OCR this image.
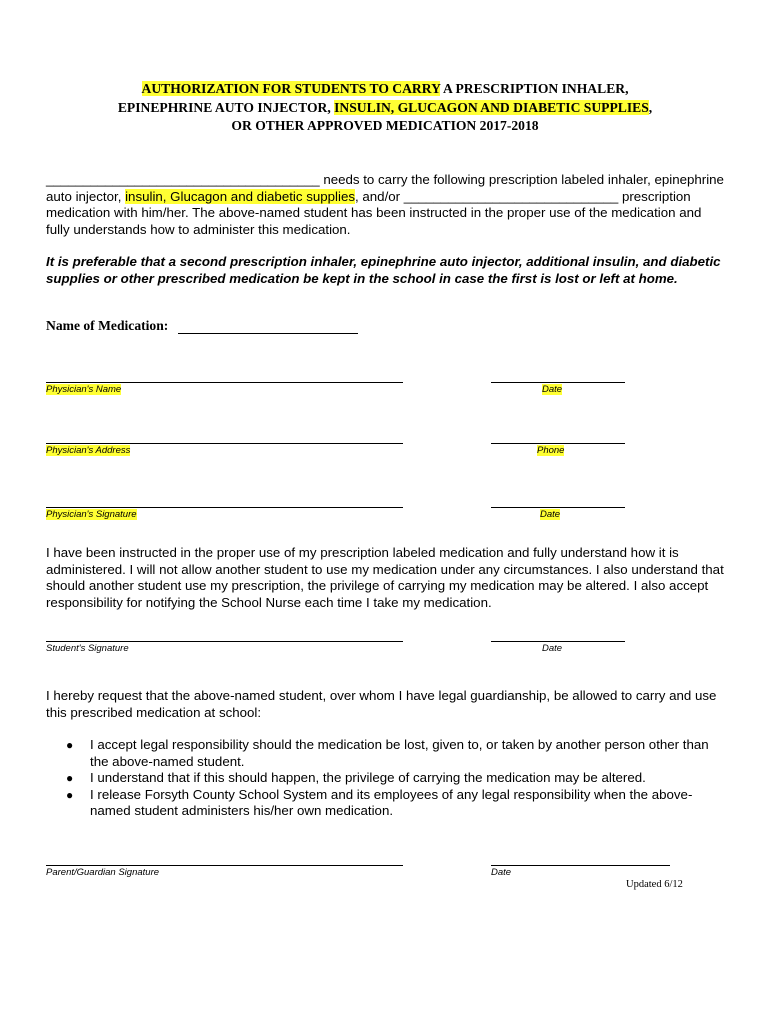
AUTHORIZATION FOR STUDENTS TO CARRY A PRESCRIPTION INHALER,
EPINEPHRINE AUTO INJECTOR, INSULIN, GLUCAGON AND DIABETIC SUPPLIES,
OR OTHER APPROVED MEDICATION 2017-2018
_____________________________________ needs to carry the following prescription labeled inhaler, epinephrine auto injector, insulin, Glucagon and diabetic supplies, and/or _____________________________ prescription medication with him/her. The above-named student has been instructed in the proper use of the medication and fully understands how to administer this medication.
It is preferable that a second prescription inhaler, epinephrine auto injector, additional insulin, and diabetic supplies or other prescribed medication be kept in the school in case the first is lost or left at home.
Name of Medication:
Physician's Name	Date
Physician's Address	Phone
Physician's Signature	Date
I have been instructed in the proper use of my prescription labeled medication and fully understand how it is administered. I will not allow another student to use my medication under any circumstances. I also understand that should another student use my prescription, the privilege of carrying my medication may be altered. I also accept responsibility for notifying the School Nurse each time I take my medication.
Student's Signature	Date
I hereby request that the above-named student, over whom I have legal guardianship, be allowed to carry and use this prescribed medication at school:
● I accept legal responsibility should the medication be lost, given to, or taken by another person other than the above-named student.
● I understand that if this should happen, the privilege of carrying the medication may be altered.
● I release Forsyth County School System and its employees of any legal responsibility when the above-named student administers his/her own medication.
Parent/Guardian Signature	Date
Updated 6/12
